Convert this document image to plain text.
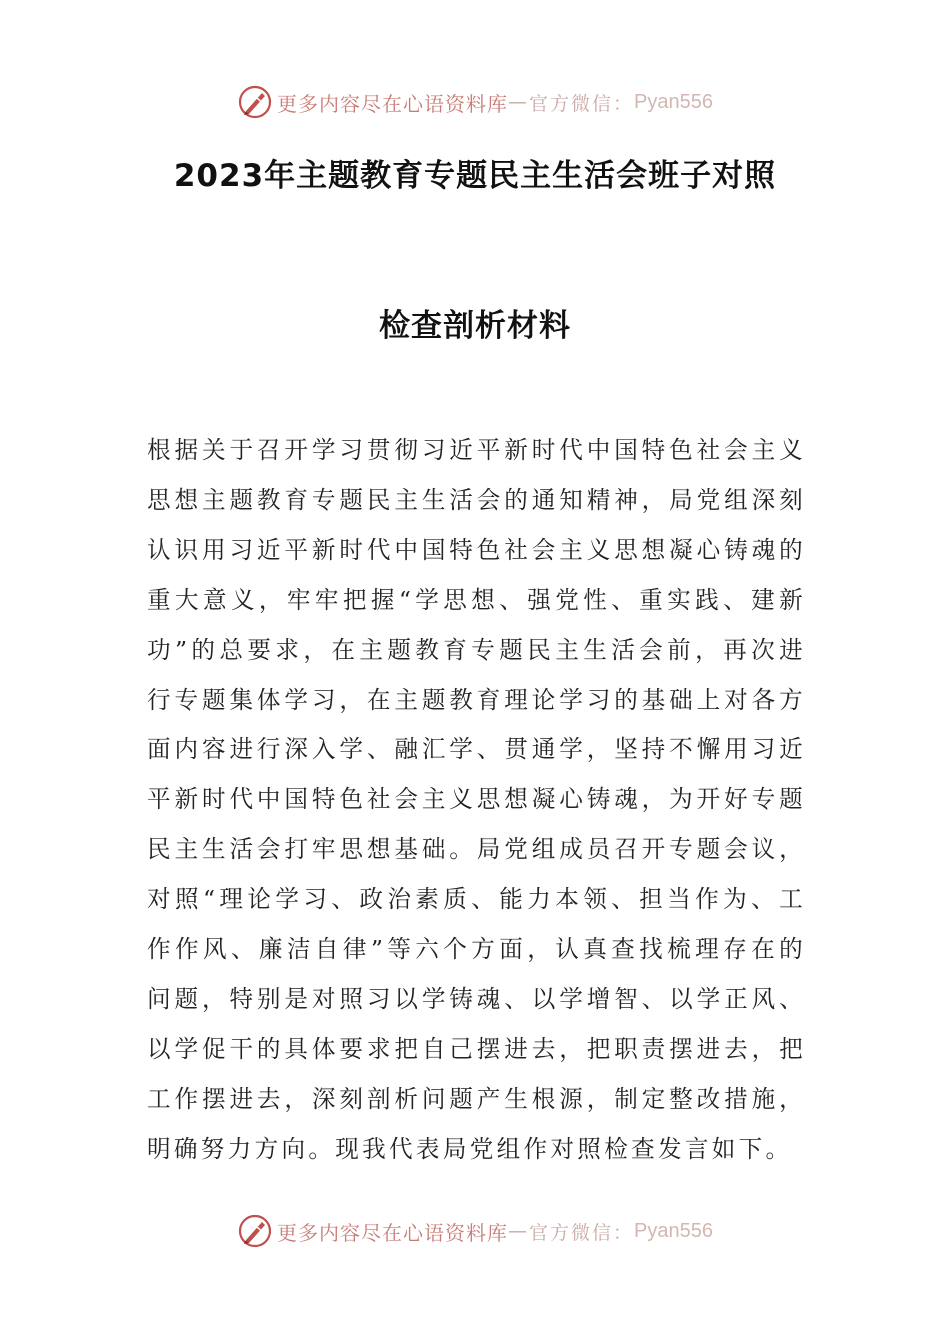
更多内容尽在心语资料库 — 官方微信： Pyan556
2023年主题教育专题民主生活会班子对照
检查剖析材料

根据关于召开学习贯彻习近平新时代中国特色社会主义思想主题教育专题民主生活会的通知精神，局党组深刻认识用习近平新时代中国特色社会主义思想凝心铸魂的重大意义，牢牢把握“学思想、强党性、重实践、建新功”的总要求，在主题教育专题民主生活会前，再次进行专题集体学习，在主题教育理论学习的基础上对各方面内容进行深入学、融汇学、贯通学，坚持不懈用习近平新时代中国特色社会主义思想凝心铸魂，为开好专题民主生活会打牢思想基础。局党组成员召开专题会议，对照“理论学习、政治素质、能力本领、担当作为、工作作风、廉洁自律”等六个方面，认真查找梳理存在的问题，特别是对照习以学铸魂、以学增智、以学正风、以学促干的具体要求把自己摆进去，把职责摆进去，把工作摆进去，深刻剖析问题产生根源，制定整改措施，明确努力方向。现我代表局党组作对照检查发言如下。

更多内容尽在心语资料库 — 官方微信： Pyan556
